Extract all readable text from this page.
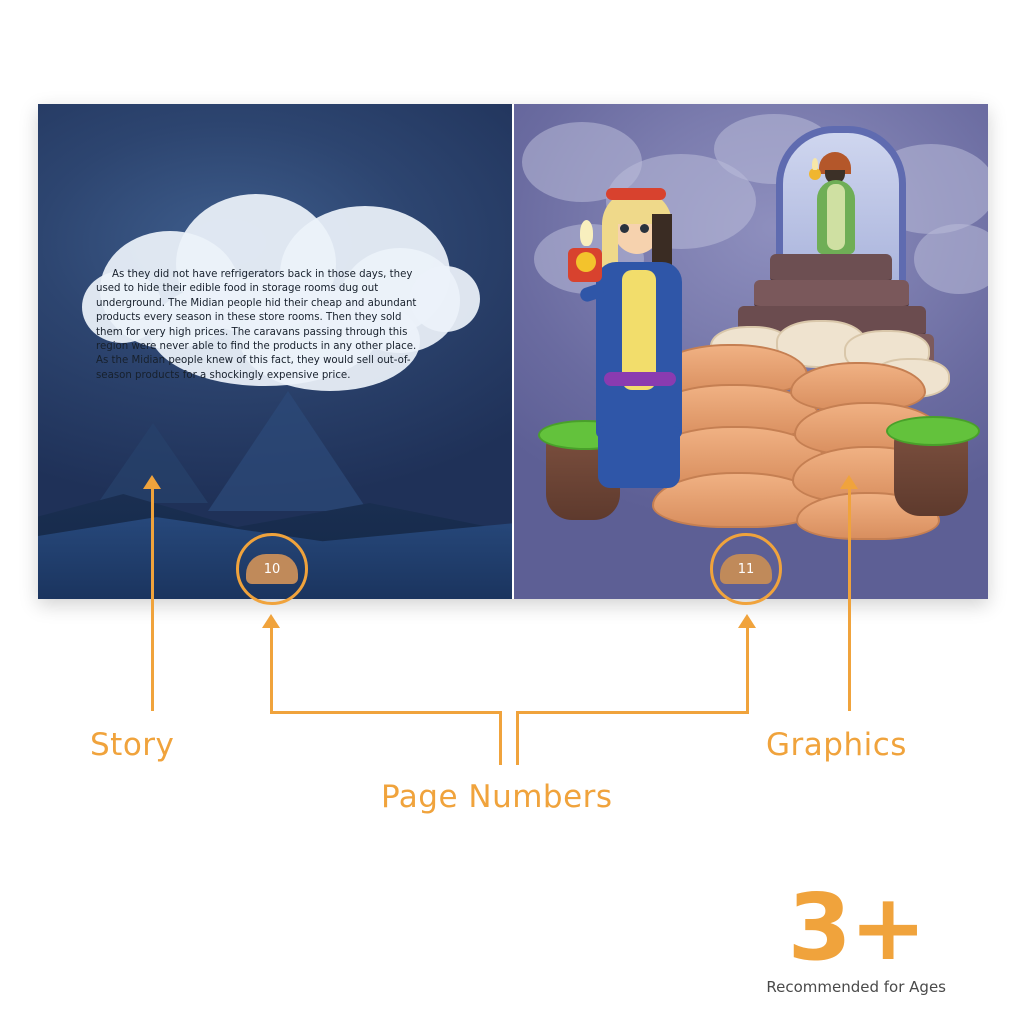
As they did not have refrigerators back in those days, they used to hide their edible food in storage rooms dug out underground. The Midian people hid their cheap and abundant products every season in these store rooms. Then they sold them for very high prices. The caravans passing through this region were never able to find the products in any other place. As the Midian people knew of this fact, they would sell out-of-season products for a shockingly expensive price.
10	11
Story	Graphics
Page Numbers
3+
Recommended for Ages
